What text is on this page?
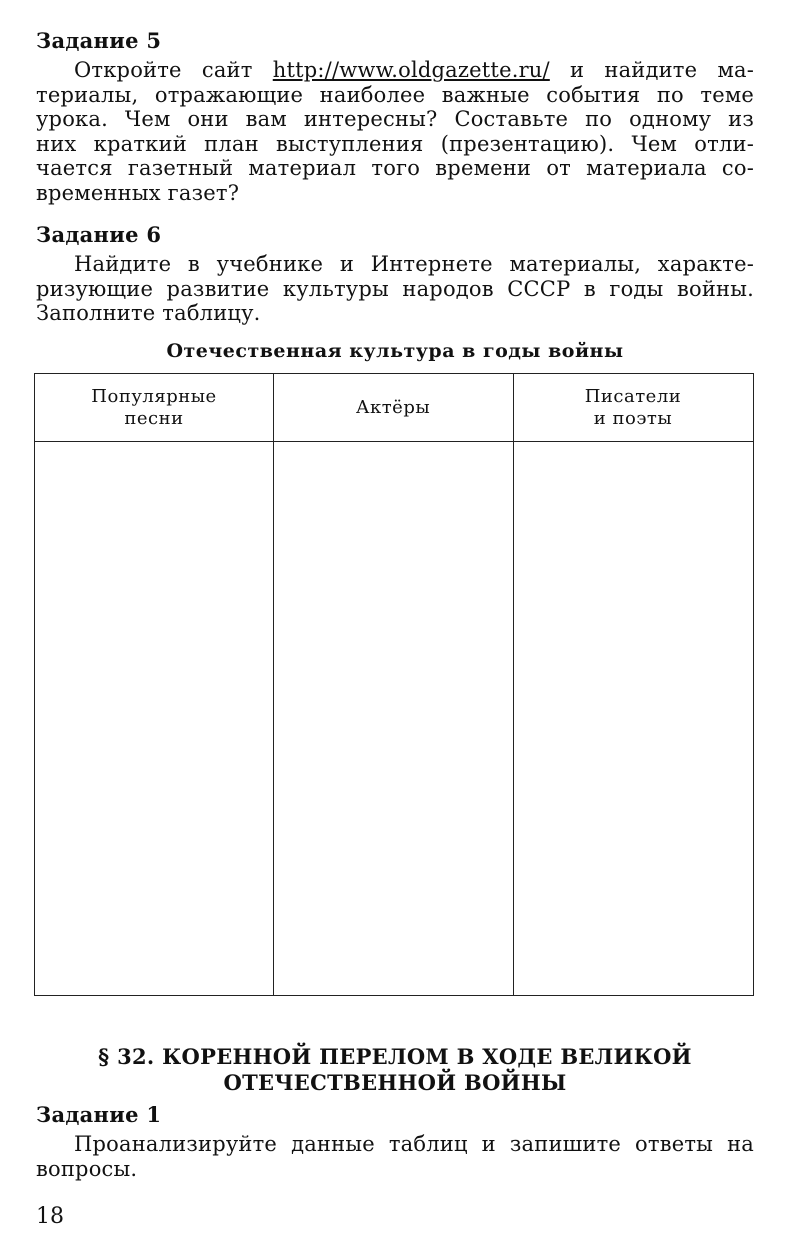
Задание 5
Откройте сайт http://www.oldgazette.ru/ и найдите ма-
териалы, отражающие наиболее важные события по теме
урока. Чем они вам интересны? Составьте по одному из
них краткий план выступления (презентацию). Чем отли-
чается газетный материал того времени от материала со-
временных газет?
Задание 6
Найдите в учебнике и Интернете материалы, характе-
ризующие развитие культуры народов СССР в годы войны.
Заполните таблицу.
Отечественная культура в годы войны
Популярные
песни
Актёры
Писатели
и поэты
§ 32. КОРЕННОЙ ПЕРЕЛОМ В ХОДЕ ВЕЛИКОЙ
ОТЕЧЕСТВЕННОЙ ВОЙНЫ
Задание 1
Проанализируйте данные таблиц и запишите ответы на
вопросы.
18
